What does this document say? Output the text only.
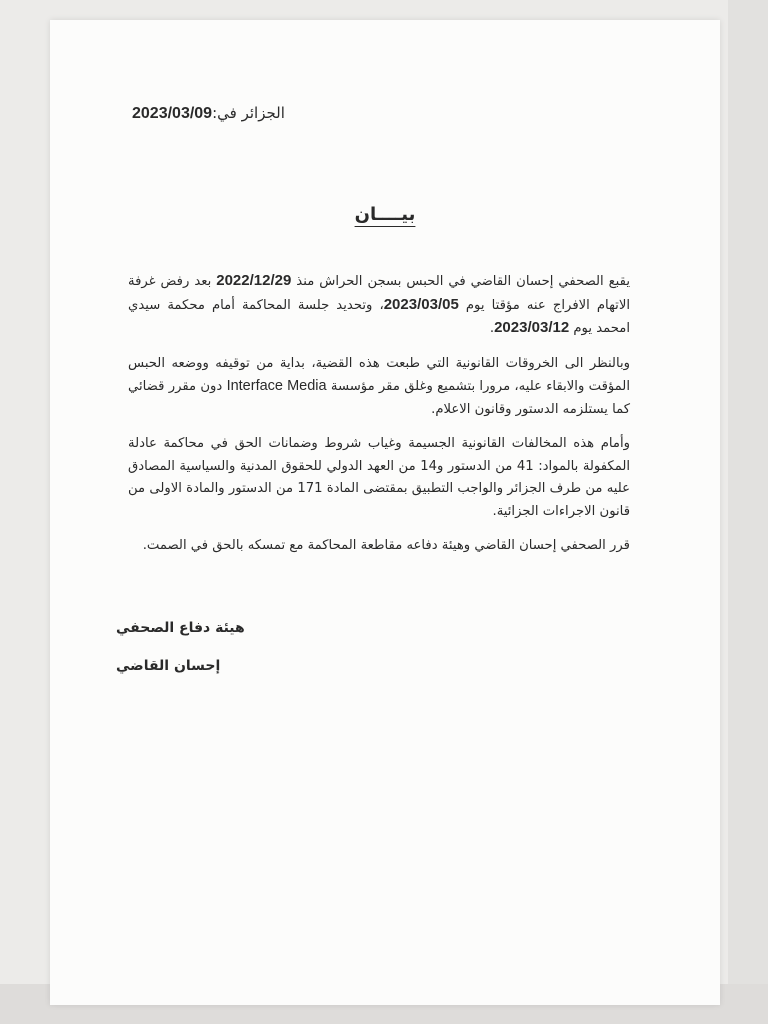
الجزائر في:2023/03/09
بيــــان

يقبع الصحفي إحسان القاضي في الحبس بسجن الحراش منذ 2022/12/29 بعد رفض غرفة الاتهام الافراج عنه مؤقتا يوم 2023/03/05، وتحديد جلسة المحاكمة أمام محكمة سيدي امحمد يوم 2023/03/12.

وبالنظر الى الخروقات القانونية التي طبعت هذه القضية، بداية من توقيفه ووضعه الحبس المؤقت والابقاء عليه، مرورا بتشميع وغلق مقر مؤسسة Interface Media دون مقرر قضائي كما يستلزمه الدستور وقانون الاعلام.

وأمام هذه المخالفات القانونية الجسيمة وغياب شروط وضمانات الحق في محاكمة عادلة المكفولة بالمواد: 41 من الدستور و14 من العهد الدولي للحقوق المدنية والسياسية المصادق عليه من طرف الجزائر والواجب التطبيق بمقتضى المادة 171 من الدستور والمادة الاولى من قانون الاجراءات الجزائية.

قرر الصحفي إحسان القاضي وهيئة دفاعه مقاطعة المحاكمة مع تمسكه بالحق في الصمت.

هيئة دفاع الصحفي
إحسان القاضي
